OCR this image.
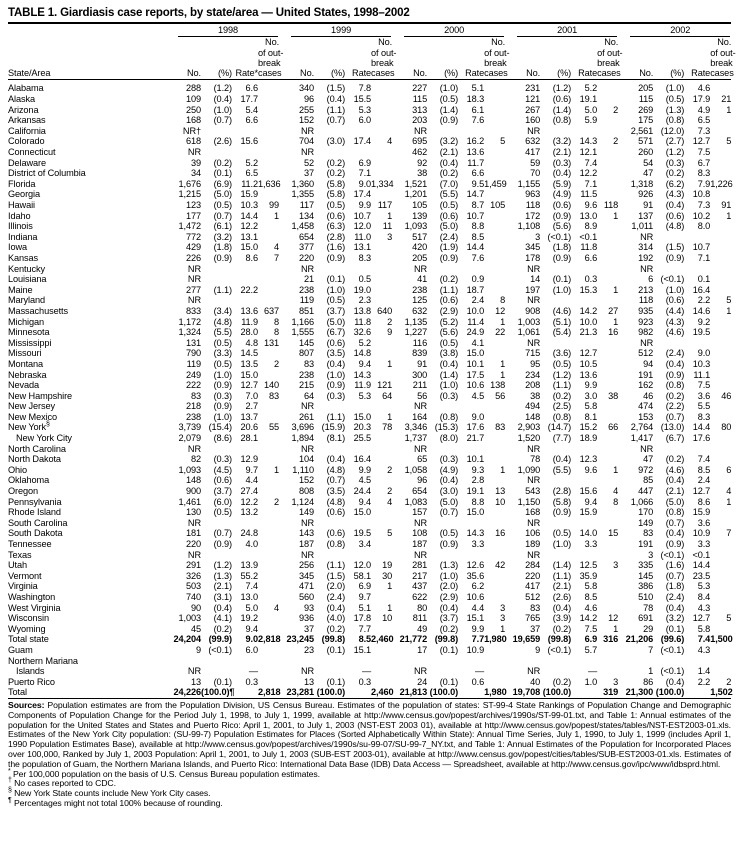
TABLE 1. Giardiasis case reports, by state/area — United States, 1998–2002

	1998				1999				2000				2001				2002			

State/Area	No.	(%)	Rate*	No.
of out-
break
cases	No.	(%)	Rate	No.
of out-
break
cases	No.	(%)	Rate	No.
of out-
break
cases	No.	(%)	Rate	No.
of out-
break
cases	No.	(%)	Rate	No.
of out-
break
cases
Alabama	288	(1.2)	6.6		340	(1.5)	7.8		227	(1.0)	5.1		231	(1.2)	5.2		205	(1.0)	4.6	
Alaska	109	(0.4)	17.7		96	(0.4)	15.5		115	(0.5)	18.3		121	(0.6)	19.1		115	(0.5)	17.9	21
Arizona	250	(1.0)	5.4		255	(1.1)	5.3		313	(1.4)	6.1		267	(1.4)	5.0	2	269	(1.3)	4.9	1
Arkansas	168	(0.7)	6.6		152	(0.7)	6.0		203	(0.9)	7.6		160	(0.8)	5.9		175	(0.8)	6.5	
California	NR†				NR				NR				NR				2,561	(12.0)	7.3	
Colorado	618	(2.6)	15.6		704	(3.0)	17.4	4	695	(3.2)	16.2	5	632	(3.2)	14.3	2	571	(2.7)	12.7	5
Connecticut	NR				NR				462	(2.1)	13.6		417	(2.1)	12.1		260	(1.2)	7.5	
Delaware	39	(0.2)	5.2		52	(0.2)	6.9		92	(0.4)	11.7		59	(0.3)	7.4		54	(0.3)	6.7	
District of Columbia	34	(0.1)	6.5		37	(0.2)	7.1		38	(0.2)	6.6		70	(0.4)	12.2		47	(0.2)	8.3	
Florida	1,676	(6.9)	11.2	1,636	1,360	(5.8)	9.0	1,334	1,521	(7.0)	9.5	1,459	1,155	(5.9)	7.1		1,318	(6.2)	7.9	1,226
Georgia	1,215	(5.0)	15.9		1,355	(5.8)	17.4		1,201	(5.5)	14.7		963	(4.9)	11.5		926	(4.3)	10.8	
Hawaii	123	(0.5)	10.3	99	117	(0.5)	9.9	117	105	(0.5)	8.7	105	118	(0.6)	9.6	118	91	(0.4)	7.3	91
Idaho	177	(0.7)	14.4	1	134	(0.6)	10.7	1	139	(0.6)	10.7		172	(0.9)	13.0	1	137	(0.6)	10.2	1
Illinois	1,472	(6.1)	12.2		1,458	(6.3)	12.0	11	1,093	(5.0)	8.8		1,108	(5.6)	8.9		1,011	(4.8)	8.0	
Indiana	772	(3.2)	13.1		654	(2.8)	11.0	3	517	(2.4)	8.5		3	(<0.1)	<0.1		NR			
Iowa	429	(1.8)	15.0	4	377	(1.6)	13.1		420	(1.9)	14.4		345	(1.8)	11.8		314	(1.5)	10.7	
Kansas	226	(0.9)	8.6	7	220	(0.9)	8.3		205	(0.9)	7.6		178	(0.9)	6.6		192	(0.9)	7.1	
Kentucky	NR				NR				NR				NR				NR			
Louisiana	NR				21	(0.1)	0.5		41	(0.2)	0.9		14	(0.1)	0.3		6	(<0.1)	0.1	
Maine	277	(1.1)	22.2		238	(1.0)	19.0		238	(1.1)	18.7		197	(1.0)	15.3	1	213	(1.0)	16.4	
Maryland	NR				119	(0.5)	2.3		125	(0.6)	2.4	8	NR				118	(0.6)	2.2	5
Massachusetts	833	(3.4)	13.6	637	851	(3.7)	13.8	640	632	(2.9)	10.0	12	908	(4.6)	14.2	27	935	(4.4)	14.6	1
Michigan	1,172	(4.8)	11.9	8	1,166	(5.0)	11.8	2	1,135	(5.2)	11.4	1	1,003	(5.1)	10.0	1	923	(4.3)	9.2	
Minnesota	1,324	(5.5)	28.0	8	1,555	(6.7)	32.6	9	1,227	(5.6)	24.9	22	1,061	(5.4)	21.3	16	982	(4.6)	19.5	
Mississippi	131	(0.5)	4.8	131	145	(0.6)	5.2		116	(0.5)	4.1		NR				NR			
Missouri	790	(3.3)	14.5		807	(3.5)	14.8		839	(3.8)	15.0		715	(3.6)	12.7		512	(2.4)	9.0	
Montana	119	(0.5)	13.5	2	83	(0.4)	9.4	1	91	(0.4)	10.1	1	95	(0.5)	10.5		94	(0.4)	10.3	
Nebraska	249	(1.0)	15.0		238	(1.0)	14.3		300	(1.4)	17.5	1	234	(1.2)	13.6		191	(0.9)	11.1	
Nevada	222	(0.9)	12.7	140	215	(0.9)	11.9	121	211	(1.0)	10.6	138	208	(1.1)	9.9		162	(0.8)	7.5	
New Hampshire	83	(0.3)	7.0	83	64	(0.3)	5.3	64	56	(0.3)	4.5	56	38	(0.2)	3.0	38	46	(0.2)	3.6	46
New Jersey	218	(0.9)	2.7		NR				NR				494	(2.5)	5.8		474	(2.2)	5.5	
New Mexico	238	(1.0)	13.7		261	(1.1)	15.0	1	164	(0.8)	9.0		148	(0.8)	8.1		153	(0.7)	8.3	
New York§	3,739	(15.4)	20.6	55	3,696	(15.9)	20.3	78	3,346	(15.3)	17.6	83	2,903	(14.7)	15.2	66	2,764	(13.0)	14.4	80
New York City	2,079	(8.6)	28.1		1,894	(8.1)	25.5		1,737	(8.0)	21.7		1,520	(7.7)	18.9		1,417	(6.7)	17.6	
North Carolina	NR				NR				NR				NR				NR			
North Dakota	82	(0.3)	12.9		104	(0.4)	16.4		65	(0.3)	10.1		78	(0.4)	12.3		47	(0.2)	7.4	
Ohio	1,093	(4.5)	9.7	1	1,110	(4.8)	9.9	2	1,058	(4.9)	9.3	1	1,090	(5.5)	9.6	1	972	(4.6)	8.5	6
Oklahoma	148	(0.6)	4.4		152	(0.7)	4.5		96	(0.4)	2.8		NR				85	(0.4)	2.4	
Oregon	900	(3.7)	27.4		808	(3.5)	24.4	2	654	(3.0)	19.1	13	543	(2.8)	15.6	4	447	(2.1)	12.7	4
Pennsylvania	1,461	(6.0)	12.2	2	1,124	(4.8)	9.4	4	1,083	(5.0)	8.8	10	1,150	(5.8)	9.4	8	1,066	(5.0)	8.6	1
Rhode Island	130	(0.5)	13.2		149	(0.6)	15.0		157	(0.7)	15.0		168	(0.9)	15.9		170	(0.8)	15.9	
South Carolina	NR				NR				NR				NR				149	(0.7)	3.6	
South Dakota	181	(0.7)	24.8		143	(0.6)	19.5	5	108	(0.5)	14.3	16	106	(0.5)	14.0	15	83	(0.4)	10.9	7
Tennessee	220	(0.9)	4.0		187	(0.8)	3.4		187	(0.9)	3.3		189	(1.0)	3.3		191	(0.9)	3.3	
Texas	NR				NR				NR				NR				3	(<0.1)	<0.1	
Utah	291	(1.2)	13.9		256	(1.1)	12.0	19	281	(1.3)	12.6	42	284	(1.4)	12.5	3	335	(1.6)	14.4	
Vermont	326	(1.3)	55.2		345	(1.5)	58.1	30	217	(1.0)	35.6		220	(1.1)	35.9		145	(0.7)	23.5	
Virginia	503	(2.1)	7.4		471	(2.0)	6.9	1	437	(2.0)	6.2		417	(2.1)	5.8		386	(1.8)	5.3	
Washington	740	(3.1)	13.0		560	(2.4)	9.7		622	(2.9)	10.6		512	(2.6)	8.5		510	(2.4)	8.4	
West Virginia	90	(0.4)	5.0	4	93	(0.4)	5.1	1	80	(0.4)	4.4	3	83	(0.4)	4.6		78	(0.4)	4.3	
Wisconsin	1,003	(4.1)	19.2		936	(4.0)	17.8	10	811	(3.7)	15.1	3	765	(3.9)	14.2	12	691	(3.2)	12.7	5
Wyoming	45	(0.2)	9.4		37	(0.2)	7.7		49	(0.2)	9.9	1	37	(0.2)	7.5	1	29	(0.1)	5.8	
Total state	24,204	(99.9)	9.0	2,818	23,245	(99.8)	8.5	2,460	21,772	(99.8)	7.7	1,980	19,659	(99.8)	6.9	316	21,206	(99.6)	7.4	1,500
Guam	9	(<0.1)	6.0		23	(0.1)	15.1		17	(0.1)	10.9		9	(<0.1)	5.7		7	(<0.1)	4.3	
Northern Mariana																				
Islands	NR		—		NR		—		NR		—		NR		—		1	(<0.1)	1.4	
Puerto Rico	13	(0.1)	0.3		13	(0.1)	0.3		24	(0.1)	0.6		40	(0.2)	1.0	3	86	(0.4)	2.2	2
Total	24,226	(100.0)¶		2,818	23,281	(100.0)		2,460	21,813	(100.0)		1,980	19,708	(100.0)		319	21,300	(100.0)		1,502
Sources: Population estimates are from the Population Division, US Census Bureau. Estimates of the population of states: ST-99-4 State Rankings of Population Change and Demographic Components of Population Change for the Period July 1, 1998, to July 1, 1999, available at http://www.census.gov/popest/archives/1990s/ST-99-01.txt, and Table 1: Annual estimates of the population for the United States and States and Puerto Rico: April 1, 2001, to July 1, 2003 (NST-EST 2003 01), available at http://www.census.gov/popest/states/tables/NST-EST2003-01.xls. Estimates of the New York City population: (SU-99-7) Population Estimates for Places (Sorted Alphabetically Within State): Annual Time Series, July 1, 1990, to July 1, 1999 (includes April 1, 1990 Population Estimates Base), available at http://www.census.gov/popest/archives/1990s/su-99-07/SU-99-7_NY.txt, and Table 1: Annual Estimates of the Population for Incorporated Places over 100,000, Ranked by July 1, 2003 Population: April 1, 2001, to July 1, 2003 (SUB-EST 2003-01), available at http://www.census.gov/popest/cities/tables/SUB-EST2003-01.xls. Estimates of the population of Guam, the Northern Mariana Islands, and Puerto Rico: International Data Base (IDB) Data Access — Spreadsheet, available at http://www.census.gov/ipc/www/idbsprd.html.
* Per 100,000 population on the basis of U.S. Census Bureau population estimates.
† No cases reported to CDC.
§ New York State counts include New York City cases.
¶ Percentages might not total 100% because of rounding.
